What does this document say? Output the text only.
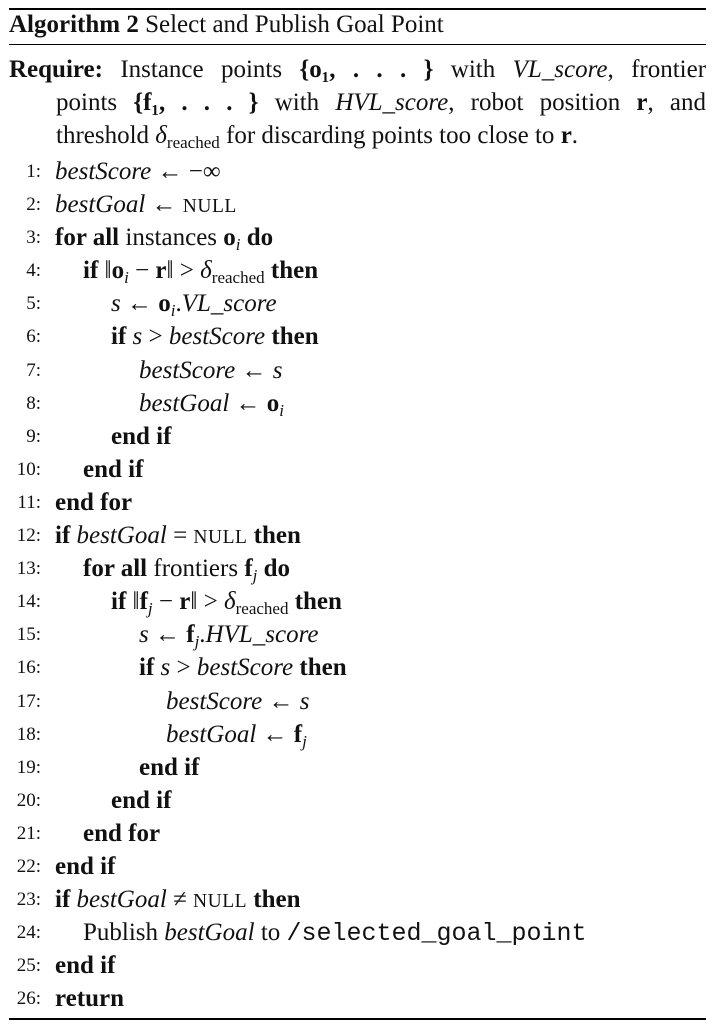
Algorithm 2 Select and Publish Goal Point
Require: Instance points {o₁, . . . } with VL_score, frontier
points {f₁, . . . } with HVL_score, robot position r, and
threshold $\delta_{reached}$ for discarding points too close to r.
1: bestScore ← −∞
2: bestGoal ← NULL
3: for all instances $o_i$ do
4: if $‖o_i$ − r‖ > $\delta_{reached}$ then
5:	s ← $o_i.VL\_score$
6:	if s > bestScore then
7:	bestScore ← s
8:	bestGoal ← $o_i$
9:	end if
10: end if
11: end for
12: if bestGoal = NULL then
13: for all frontiers $f_j$ do
14:	if $‖f_j$ − r‖ > $\delta_{reached}$ then
15:	s ← $f_j.HVL\_score$
16:	if s > bestScore then
17:	bestScore ← s
18:	bestGoal ← $f_j$
19:	end if
20:	end if
21: end for
22: end if
23: if bestGoal ≠ NULL then
24: Publish bestGoal to /selected_goal_point
25: end if
26: return
